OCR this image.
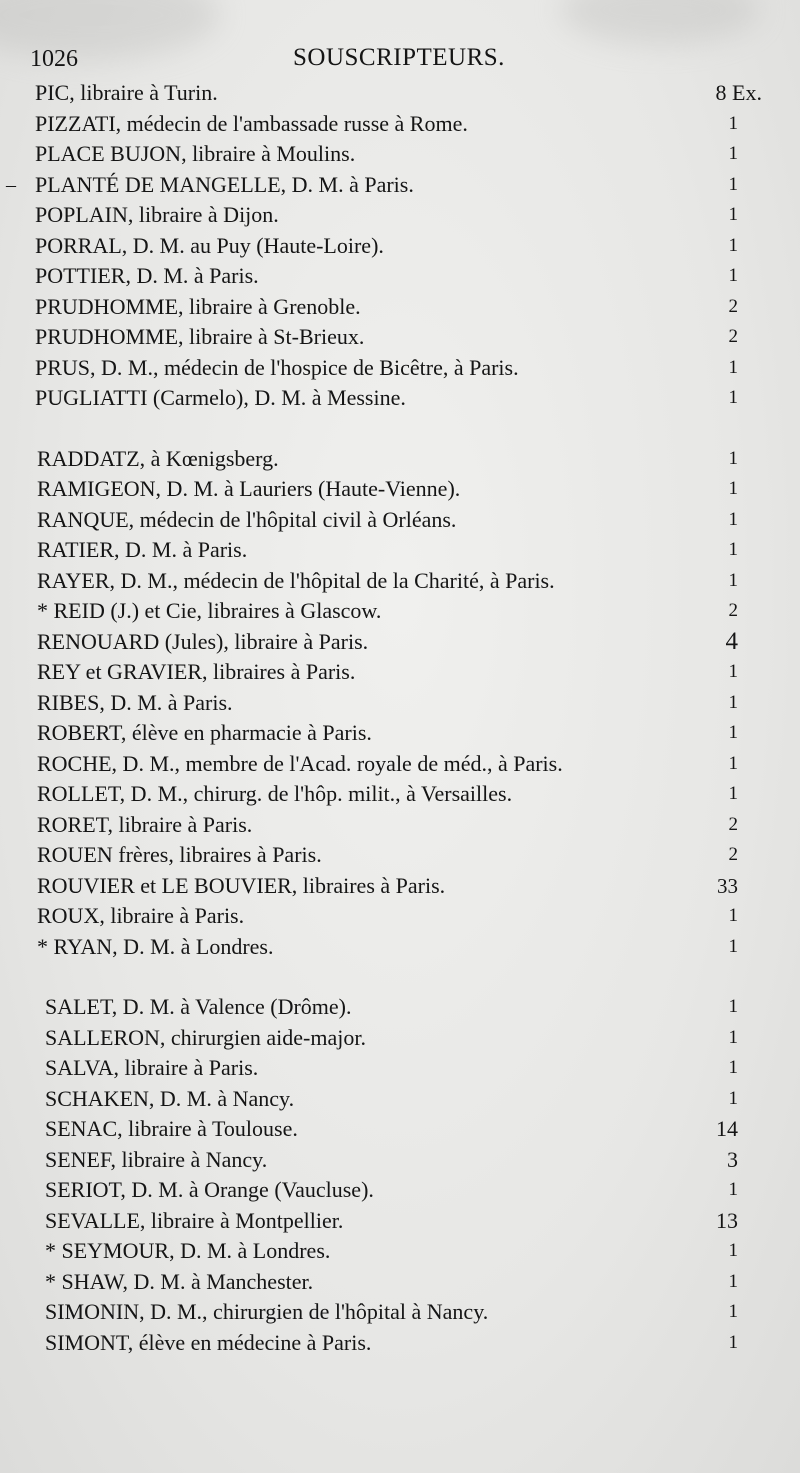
1026	SOUSCRIPTEURS.
PIC, libraire à Turin.	8 Ex.
PIZZATI, médecin de l'ambassade russe à Rome.	1
PLACE BUJON, libraire à Moulins.	1
– PLANTÉ DE MANGELLE, D. M. à Paris.	1
POPLAIN, libraire à Dijon.	1
PORRAL, D. M. au Puy (Haute-Loire).	1
POTTIER, D. M. à Paris.	1
PRUDHOMME, libraire à Grenoble.	2
PRUDHOMME, libraire à St-Brieux.	2
PRUS, D. M., médecin de l'hospice de Bicêtre, à Paris.	1
PUGLIATTI (Carmelo), D. M. à Messine.	1
RADDATZ, à Kœnigsberg.	1
RAMIGEON, D. M. à Lauriers (Haute-Vienne).	1
RANQUE, médecin de l'hôpital civil à Orléans.	1
RATIER, D. M. à Paris.	1
RAYER, D. M., médecin de l'hôpital de la Charité, à Paris.	1
* REID (J.) et Cie, libraires à Glascow.	2
RENOUARD (Jules), libraire à Paris.	4
REY et GRAVIER, libraires à Paris.	1
RIBES, D. M. à Paris.	1
ROBERT, élève en pharmacie à Paris.	1
ROCHE, D. M., membre de l'Acad. royale de méd., à Paris.	1
ROLLET, D. M., chirurg. de l'hôp. milit., à Versailles.	1
RORET, libraire à Paris.	2
ROUEN frères, libraires à Paris.	2
ROUVIER et LE BOUVIER, libraires à Paris.	33
ROUX, libraire à Paris.	1
* RYAN, D. M. à Londres.	1
SALET, D. M. à Valence (Drôme).	1
SALLERON, chirurgien aide-major.	1
SALVA, libraire à Paris.	1
SCHAKEN, D. M. à Nancy.	1
SENAC, libraire à Toulouse.	14
SENEF, libraire à Nancy.	3
SERIOT, D. M. à Orange (Vaucluse).	1
SEVALLE, libraire à Montpellier.	13
* SEYMOUR, D. M. à Londres.	1
* SHAW, D. M. à Manchester.	1
SIMONIN, D. M., chirurgien de l'hôpital à Nancy.	1
SIMONT, élève en médecine à Paris.	1
